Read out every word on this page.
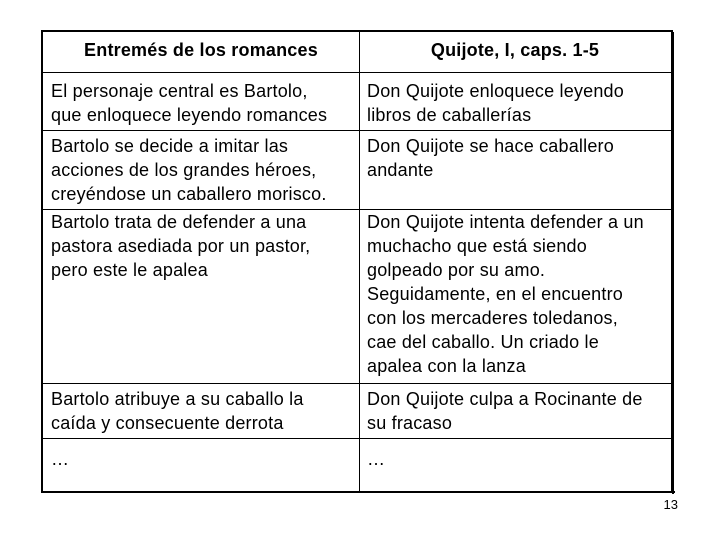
Entremés de los romances	Quijote, I, caps. 1-5
El personaje central es Bartolo,
que enloquece leyendo romances
Don Quijote enloquece leyendo
libros de caballerías
Bartolo se decide a imitar las
acciones de los grandes héroes,
creyéndose un caballero morisco.
Don Quijote se hace caballero
andante
Bartolo trata de defender a una
pastora asediada por un pastor,
pero este le apalea
Don Quijote intenta defender a un
muchacho que está siendo
golpeado por su amo.
Seguidamente, en el encuentro
con los mercaderes toledanos,
cae del caballo. Un criado le
apalea con la lanza
Bartolo atribuye a su caballo la
caída y consecuente derrota
Don Quijote culpa a Rocinante de
su fracaso
…	…
13
